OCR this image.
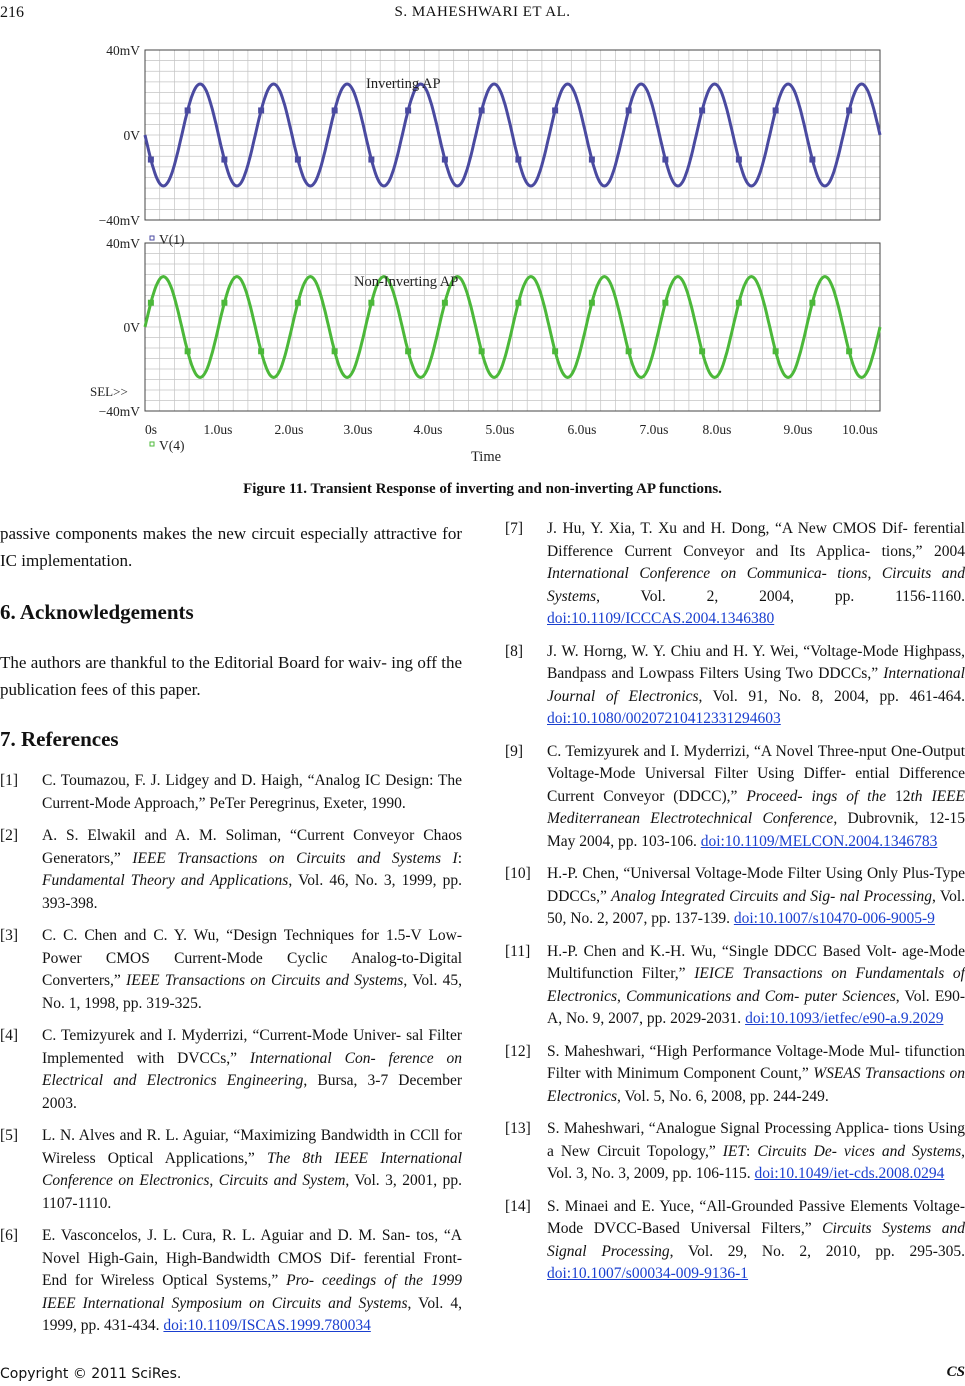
216	S. MAHESHWARI ET AL.
40mV
0V
−40mV
Inverting AP
V(1)
40mV
0V
−40mV
Non-Inverting AP
V(4)
SEL>>
0s	1.0us	2.0us	3.0us	4.0us	5.0us	6.0us	7.0us	8.0us	9.0us 10.0us
Time
Figure 11. Transient Response of inverting and non-inverting AP functions.

passive components makes the new circuit especially attractive for IC implementation.

6. Acknowledgements

The authors are thankful to the Editorial Board for waiv- ing off the publication fees of this paper.

7. References

[1] C. Toumazou, F. J. Lidgey and D. Haigh, “Analog IC Design: The Current-Mode Approach,” PeTer Peregrinus, Exeter, 1990.
[2] A. S. Elwakil and A. M. Soliman, “Current Conveyor Chaos Generators,” IEEE Transactions on Circuits and Systems I: Fundamental Theory and Applications, Vol. 46, No. 3, 1999, pp. 393-398.
[3] C. C. Chen and C. Y. Wu, “Design Techniques for 1.5-V Low-Power CMOS Current-Mode Cyclic Analog-to-Digital Converters,” IEEE Transactions on Circuits and Systems, Vol. 45, No. 1, 1998, pp. 319-325.
[4] C. Temizyurek and I. Myderrizi, “Current-Mode Univer- sal Filter Implemented with DVCCs,” International Con- ference on Electrical and Electronics Engineering, Bursa, 3-7 December 2003.
[5] L. N. Alves and R. L. Aguiar, “Maximizing Bandwidth in CCll for Wireless Optical Applications,” The 8th IEEE International Conference on Electronics, Circuits and System, Vol. 3, 2001, pp. 1107-1110.
[6] E. Vasconcelos, J. L. Cura, R. L. Aguiar and D. M. San- tos, “A Novel High-Gain, High-Bandwidth CMOS Dif- ferential Front-End for Wireless Optical Systems,” Pro- ceedings of the 1999 IEEE International Symposium on Circuits and Systems, Vol. 4, 1999, pp. 431-434. doi:10.1109/ISCAS.1999.780034
[7] J. Hu, Y. Xia, T. Xu and H. Dong, “A New CMOS Dif- ferential Difference Current Conveyor and Its Applica- tions,” 2004 International Conference on Communica- tions, Circuits and Systems, Vol. 2, 2004, pp. 1156-1160. doi:10.1109/ICCCAS.2004.1346380
[8] J. W. Horng, W. Y. Chiu and H. Y. Wei, “Voltage-Mode Highpass, Bandpass and Lowpass Filters Using Two DDCCs,” International Journal of Electronics, Vol. 91, No. 8, 2004, pp. 461-464. doi:10.1080/00207210412331294603
[9] C. Temizyurek and I. Myderrizi, “A Novel Three-nput One-Output Voltage-Mode Universal Filter Using Differ- ential Difference Current Conveyor (DDCC),” Proceed- ings of the 12th IEEE Mediterranean Electrotechnical Conference, Dubrovnik, 12-15 May 2004, pp. 103-106. doi:10.1109/MELCON.2004.1346783
[10] H.-P. Chen, “Universal Voltage-Mode Filter Using Only Plus-Type DDCCs,” Analog Integrated Circuits and Sig- nal Processing, Vol. 50, No. 2, 2007, pp. 137-139. doi:10.1007/s10470-006-9005-9
[11] H.-P. Chen and K.-H. Wu, “Single DDCC Based Volt- age-Mode Multifunction Filter,” IEICE Transactions on Fundamentals of Electronics, Communications and Com- puter Sciences, Vol. E90-A, No. 9, 2007, pp. 2029-2031. doi:10.1093/ietfec/e90-a.9.2029
[12] S. Maheshwari, “High Performance Voltage-Mode Mul- tifunction Filter with Minimum Component Count,” WSEAS Transactions on Electronics, Vol. 5, No. 6, 2008, pp. 244-249.
[13] S. Maheshwari, “Analogue Signal Processing Applica- tions Using a New Circuit Topology,” IET: Circuits De- vices and Systems, Vol. 3, No. 3, 2009, pp. 106-115. doi:10.1049/iet-cds.2008.0294
[14] S. Minaei and E. Yuce, “All-Grounded Passive Elements Voltage-Mode DVCC-Based Universal Filters,” Circuits Systems and Signal Processing, Vol. 29, No. 2, 2010, pp. 295-305. doi:10.1007/s00034-009-9136-1
Copyright © 2011 SciRes.	CS
